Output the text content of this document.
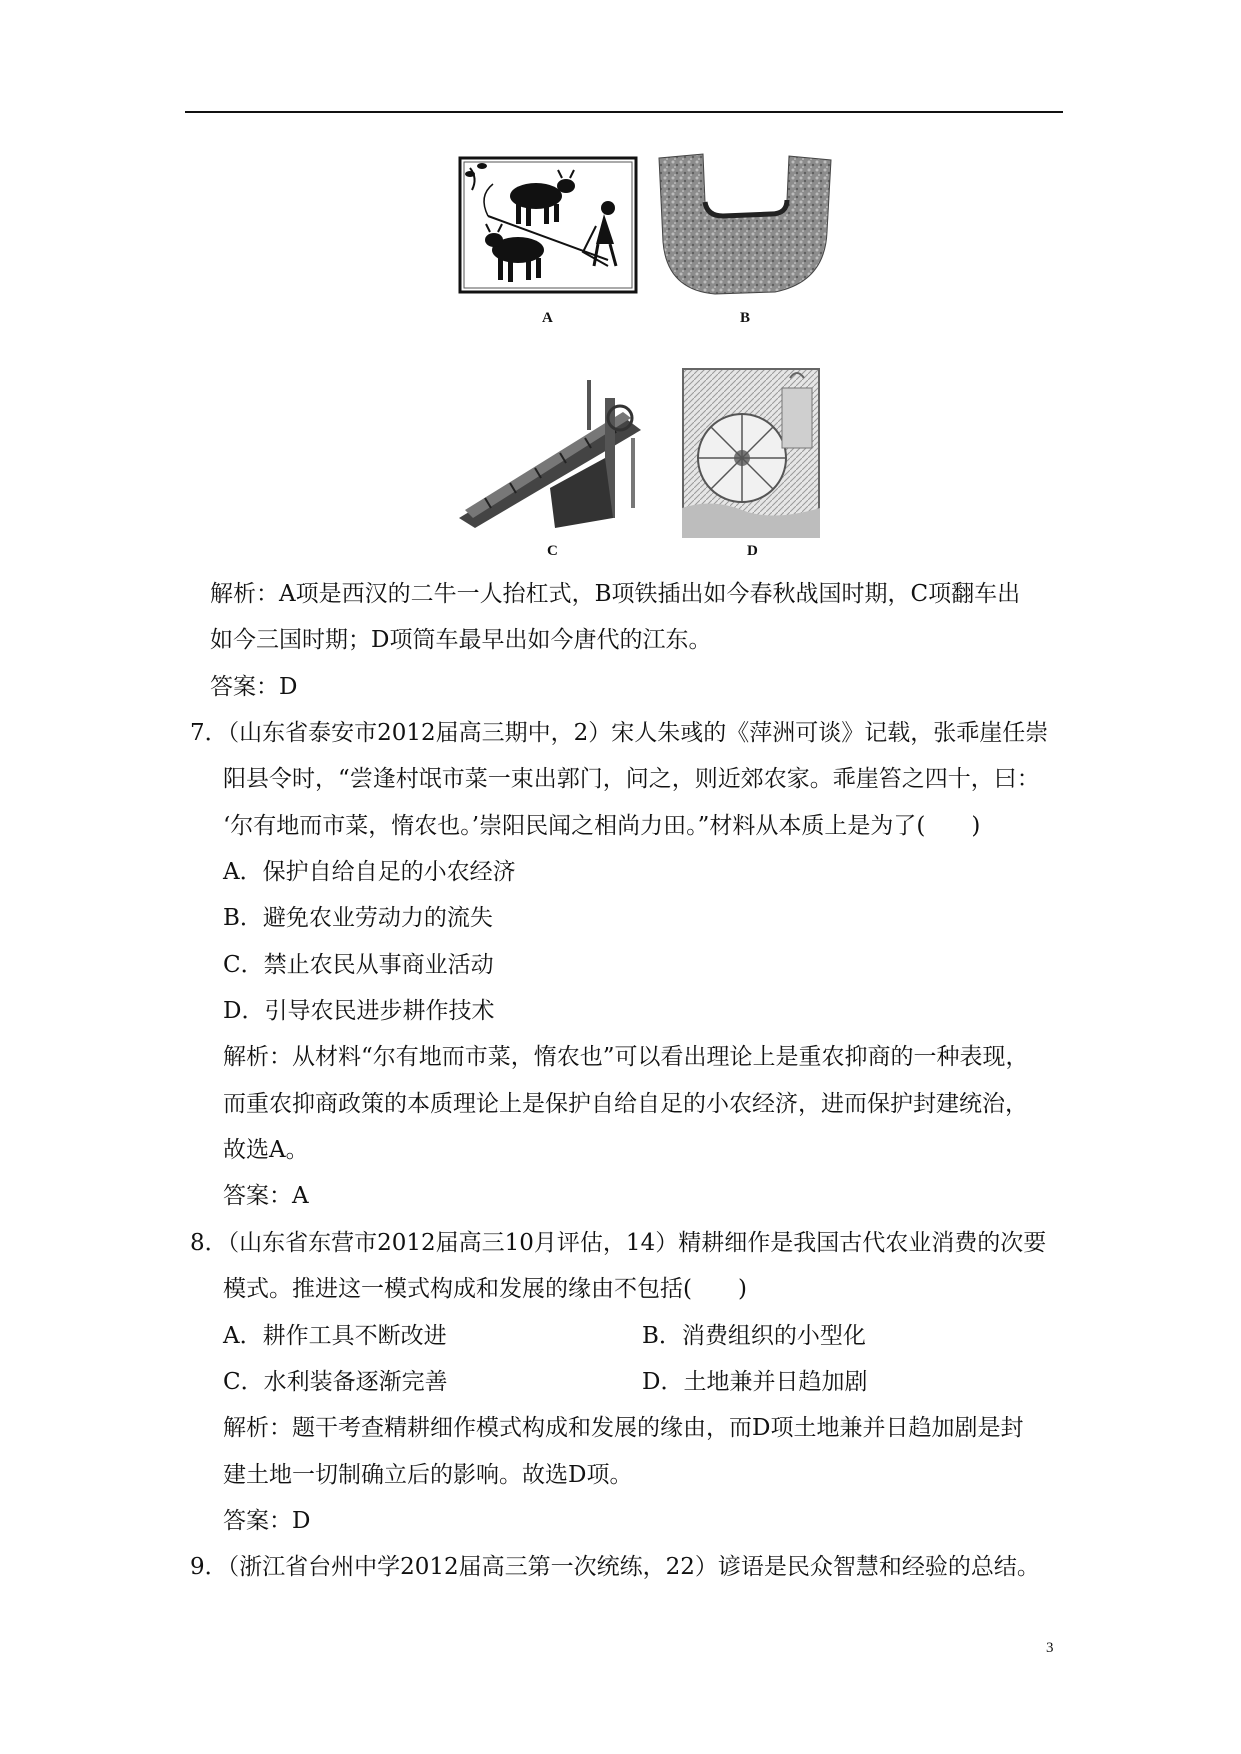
A	B
C	D
解析：A项是西汉的二牛一人抬杠式，B项铁插出如今春秋战国时期，C项翻车出
如今三国时期；D项筒车最早出如今唐代的江东。
答案：D
7．（山东省泰安市2012届高三期中，2）宋人朱彧的《萍洲可谈》记载，张乖崖任崇
阳县令时，“尝逢村氓市菜一束出郭门，问之，则近郊农家。乖崖笞之四十，曰：
‘尔有地而市菜，惰农也。’崇阳民闻之相尚力田。”材料从本质上是为了(　　)
A．保护自给自足的小农经济
B．避免农业劳动力的流失
C．禁止农民从事商业活动
D．引导农民进步耕作技术
解析：从材料“尔有地而市菜，惰农也”可以看出理论上是重农抑商的一种表现，
而重农抑商政策的本质理论上是保护自给自足的小农经济，进而保护封建统治，
故选A。
答案：A
8．（山东省东营市2012届高三10月评估，14）精耕细作是我国古代农业消费的次要
模式。推进这一模式构成和发展的缘由不包括(　　)
A．耕作工具不断改进	B．消费组织的小型化
C．水利装备逐渐完善	D．土地兼并日趋加剧
解析：题干考查精耕细作模式构成和发展的缘由，而D项土地兼并日趋加剧是封
建土地一切制确立后的影响。故选D项。
答案：D
9．（浙江省台州中学2012届高三第一次统练，22）谚语是民众智慧和经验的总结。
3
